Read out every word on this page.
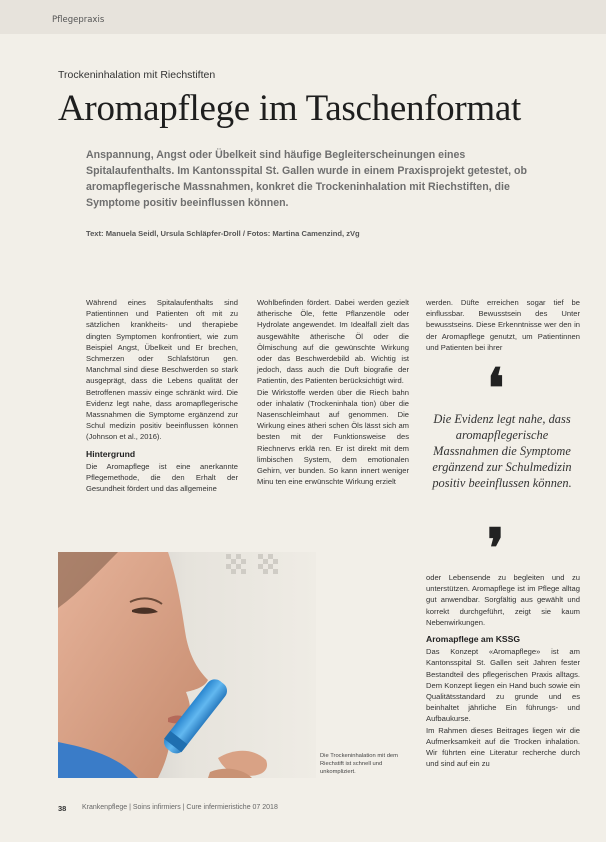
Pflegepraxis
Trockeninhalation mit Riechstiften
Aromapflege im Taschenformat
Anspannung, Angst oder Übelkeit sind häufige Begleiterscheinungen eines Spitalaufenthalts. Im Kantonsspital St. Gallen wurde in einem Praxisprojekt getestet, ob aromapflegerische Massnahmen, konkret die Trockeninhalation mit Riechstiften, die Symptome positiv beeinflussen können.
Text: Manuela Seidl, Ursula Schläpfer-Droll / Fotos: Martina Camenzind, zVg

Während eines Spitalaufenthalts sind Patientinnen und Patienten oft mit zu sätzlichen krankheits- und therapiebe dingten Symptomen konfrontiert, wie zum Beispiel Angst, Übelkeit und Er brechen, Schmerzen oder Schlafstörun gen. Manchmal sind diese Beschwerden so stark ausgeprägt, dass die Lebens qualität der Betroffenen massiv einge schränkt wird. Die Evidenz legt nahe, dass aromapflegerische Massnahmen die Symptome ergänzend zur Schul medizin positiv beeinflussen können (Johnson et al., 2016).

Hintergrund

Die Aromapflege ist eine anerkannte Pflegemethode, die den Erhalt der Gesundheit fördert und das allgemeine

Wohlbefinden fördert. Dabei werden gezielt ätherische Öle, fette Pflanzenöle oder Hydrolate angewendet. Im Idealfall zielt das ausgewählte ätherische Öl oder die Ölmischung auf die gewünschte Wirkung oder das Beschwerdebild ab. Wichtig ist jedoch, dass auch die Duft biografie der Patientin, des Patienten berücksichtigt wird.

Die Wirkstoffe werden über die Riech bahn oder inhalativ (Trockeninhala tion) über die Nasenschleimhaut auf genommen. Die Wirkung eines ätheri schen Öls lässt sich am besten mit der Funktionsweise des Riechnervs erklä ren. Er ist direkt mit dem limbischen System, dem emotionalen Gehirn, ver bunden. So kann innert weniger Minu ten eine erwünschte Wirkung erzielt

werden. Düfte erreichen sogar tief be einflussbar. Bewusstsein des Unter bewusstseins. Diese Erkenntnisse wer den in der Aromapflege genutzt, um Patientinnen und Patienten bei ihrer

❛
Die Evidenz legt nahe, dass aromapflegerische Massnahmen die Symptome ergänzend zur Schulmedizin positiv beeinflussen können.
❜
Die Trockeninhalation mit dem Riechstift ist schnell und unkompliziert.

oder Lebensende zu begleiten und zu unterstützen. Aromapflege ist im Pflege alltag gut anwendbar. Sorgfältig aus gewählt und korrekt durchgeführt, zeigt sie kaum Nebenwirkungen.

Aromapflege am KSSG

Das Konzept «Aromapflege» ist am Kantonsspital St. Gallen seit Jahren fester Bestandteil des pflegerischen Praxis alltags. Dem Konzept liegen ein Hand buch sowie ein Qualitätsstandard zu grunde und es beinhaltet jährliche Ein führungs- und Aufbaukurse.

Im Rahmen dieses Beitrages liegen wir die Aufmerksamkeit auf die Trocken inhalation. Wir führten eine Literatur recherche durch und sind auf ein zu

38 Krankenpflege | Soins infirmiers | Cure infermieristiche 07 2018
